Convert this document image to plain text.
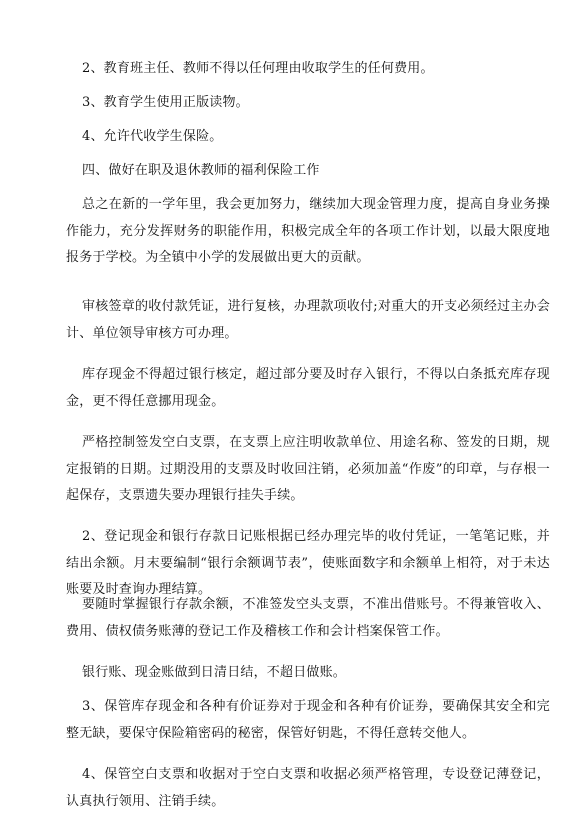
2、教育班主任、教师不得以任何理由收取学生的任何费用。

3、教育学生使用正版读物。

4、允许代收学生保险。

四、做好在职及退休教师的福利保险工作

总之在新的一学年里，我会更加努力，继续加大现金管理力度，提高自身业务操作能力，充分发挥财务的职能作用，积极完成全年的各项工作计划，以最大限度地报务于学校。为全镇中小学的发展做出更大的贡献。

审核签章的收付款凭证，进行复核，办理款项收付;对重大的开支必须经过主办会计、单位领导审核方可办理。

库存现金不得超过银行核定，超过部分要及时存入银行，不得以白条抵充库存现金，更不得任意挪用现金。

严格控制签发空白支票，在支票上应注明收款单位、用途名称、签发的日期，规定报销的日期。过期没用的支票及时收回注销，必须加盖“作废”的印章，与存根一起保存，支票遗失要办理银行挂失手续。

2、登记现金和银行存款日记账根据已经办理完毕的收付凭证，一笔笔记账，并结出余额。月末要编制“银行余额调节表”，使账面数字和余额单上相符，对于未达账要及时查询办理结算。

要随时掌握银行存款余额，不准签发空头支票，不准出借账号。不得兼管收入、费用、债权债务账薄的登记工作及稽核工作和会计档案保管工作。

银行账、现金账做到日清日结，不超日做账。

3、保管库存现金和各种有价证券对于现金和各种有价证券，要确保其安全和完整无缺，要保守保险箱密码的秘密，保管好钥匙，不得任意转交他人。

4、保管空白支票和收据对于空白支票和收据必须严格管理，专设登记薄登记，认真执行领用、注销手续。
